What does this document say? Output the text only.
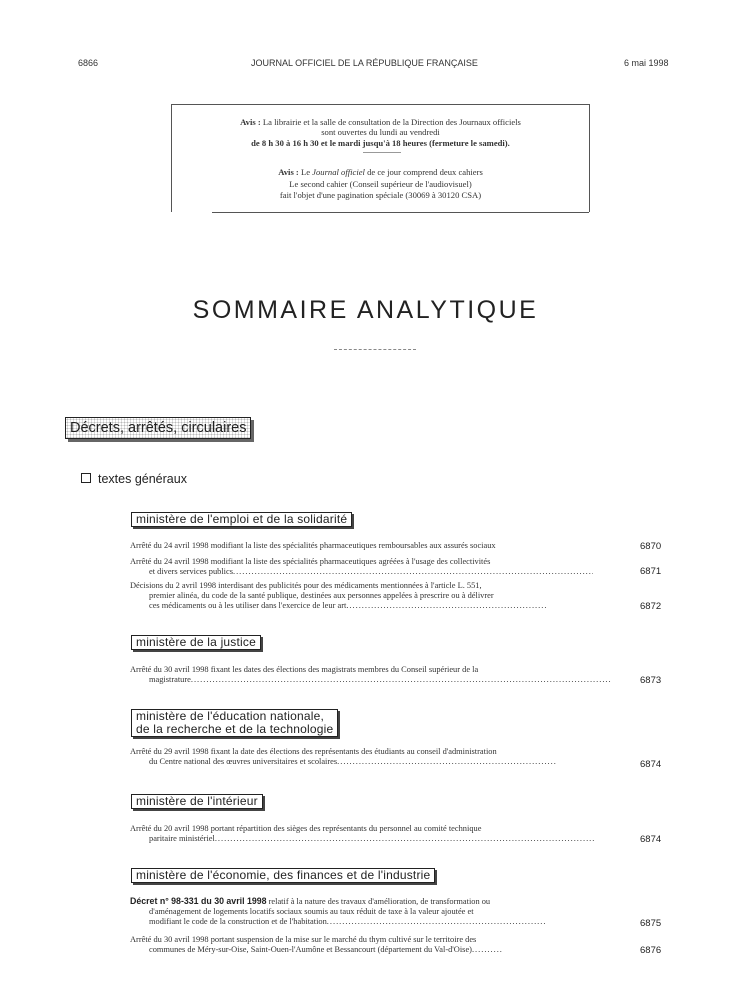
6866	JOURNAL OFFICIEL DE LA RÉPUBLIQUE FRANÇAISE	6 mai 1998
Avis : La librairie et la salle de consultation de la Direction des Journaux officiels
sont ouvertes du lundi au vendredi
de 8 h 30 à 16 h 30 et le mardi jusqu'à 18 heures (fermeture le samedi).
Avis : Le Journal officiel de ce jour comprend deux cahiers
Le second cahier (Conseil supérieur de l'audiovisuel)
fait l'objet d'une pagination spéciale (30069 à 30120 CSA)
SOMMAIRE ANALYTIQUE
Décrets, arrêtés, circulaires
textes généraux
ministère de l'emploi et de la solidarité
Arrêté du 24 avril 1998 modifiant la liste des spécialités pharmaceutiques remboursables aux assurés sociaux	6870
Arrêté du 24 avril 1998 modifiant la liste des spécialités pharmaceutiques agréées à l'usage des collectivités
et divers services publics .....	6871
Décisions du 2 avril 1998 interdisant des publicités pour des médicaments mentionnées à l'article L. 551,
premier alinéa, du code de la santé publique, destinées aux personnes appelées à prescrire ou à délivrer
ces médicaments ou à les utiliser dans l'exercice de leur art .....	6872
ministère de la justice
Arrêté du 30 avril 1998 fixant les dates des élections des magistrats membres du Conseil supérieur de la
magistrature .....	6873
ministère de l'éducation nationale,
de la recherche et de la technologie
Arrêté du 29 avril 1998 fixant la date des élections des représentants des étudiants au conseil d'administration
du Centre national des œuvres universitaires et scolaires .....	6874
ministère de l'intérieur
Arrêté du 20 avril 1998 portant répartition des sièges des représentants du personnel au comité technique
paritaire ministériel .....	6874
ministère de l'économie, des finances et de l'industrie
Décret n° 98-331 du 30 avril 1998 relatif à la nature des travaux d'amélioration, de transformation ou
d'aménagement de logements locatifs sociaux soumis au taux réduit de taxe à la valeur ajoutée et
modifiant le code de la construction et de l'habitation .....	6875
Arrêté du 30 avril 1998 portant suspension de la mise sur le marché du thym cultivé sur le territoire des
communes de Méry-sur-Oise, Saint-Ouen-l'Aumône et Bessancourt (département du Val-d'Oise) .....	6876
